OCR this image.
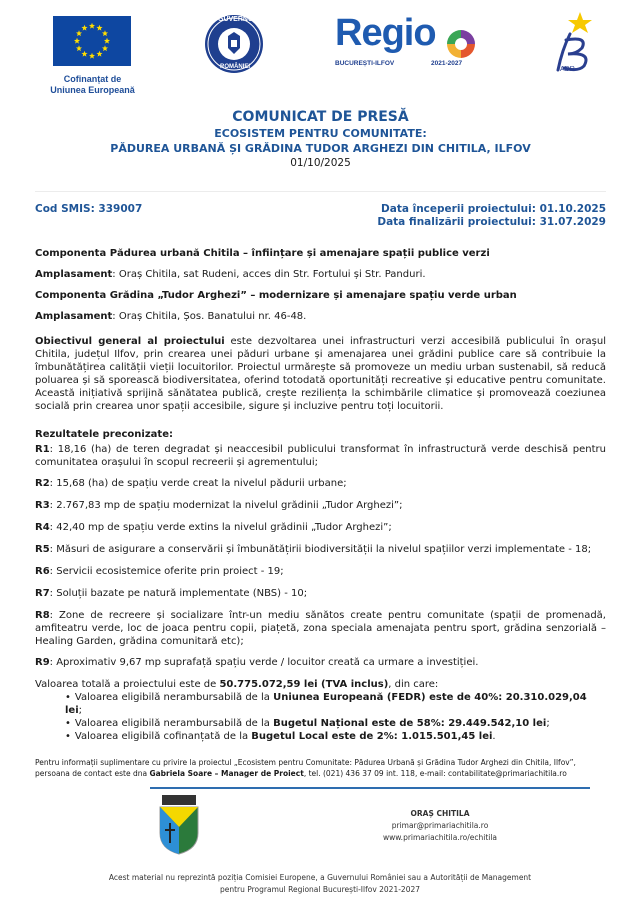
Cofinanțat de
Uniunea Europeană
GUVERNUL
ROMÂNIEI
Regio
BUCUREȘTI-ILFOV	2021-2027
ADR
COMUNICAT DE PRESĂ
ECOSISTEM PENTRU COMUNITATE:
PĂDUREA URBANĂ ȘI GRĂDINA TUDOR ARGHEZI DIN CHITILA, ILFOV
01/10/2025
Cod SMIS: 339007	Data începerii proiectului: 01.10.2025
Data finalizării proiectului: 31.07.2029
Componenta Pădurea urbană Chitila – înființare și amenajare spații publice verzi
Amplasament: Oraș Chitila, sat Rudeni, acces din Str. Fortului și Str. Panduri.
Componenta Grădina „Tudor Arghezi” – modernizare și amenajare spațiu verde urban
Amplasament: Oraș Chitila, Șos. Banatului nr. 46-48.
Obiectivul general al proiectului este dezvoltarea unei infrastructuri verzi accesibilă publicului în orașul Chitila, județul Ilfov, prin crearea unei păduri urbane și amenajarea unei grădini publice care să contribuie la îmbunătățirea calității vieții locuitorilor. Proiectul urmărește să promoveze un mediu urban sustenabil, să reducă poluarea și să sporească biodiversitatea, oferind totodată oportunități recreative și educative pentru comunitate. Această inițiativă sprijină sănătatea publică, crește reziliența la schimbările climatice și promovează coeziunea socială prin crearea unor spații accesibile, sigure și incluzive pentru toți locuitorii.
Rezultatele preconizate:
R1: 18,16 (ha) de teren degradat și neaccesibil publicului transformat în infrastructură verde deschisă pentru comunitatea orașului în scopul recreerii și agrementului;
R2: 15,68 (ha) de spațiu verde creat la nivelul pădurii urbane;
R3: 2.767,83 mp de spațiu modernizat la nivelul grădinii „Tudor Arghezi”;
R4: 42,40 mp de spațiu verde extins la nivelul grădinii „Tudor Arghezi”;
R5: Măsuri de asigurare a conservării și îmbunătățirii biodiversității la nivelul spațiilor verzi implementate - 18;
R6: Servicii ecosistemice oferite prin proiect - 19;
R7: Soluții bazate pe natură implementate (NBS) - 10;
R8: Zone de recreere și socializare într-un mediu sănătos create pentru comunitate (spații de promenadă, amfiteatru verde, loc de joaca pentru copii, piațetă, zona speciala amenajata pentru sport, grădina senzorială – Healing Garden, grădina comunitară etc);
R9: Aproximativ 9,67 mp suprafață spațiu verde / locuitor creată ca urmare a investiției.
Valoarea totală a proiectului este de 50.775.072,59 lei (TVA inclus), din care:
• Valoarea eligibilă nerambursabilă de la Uniunea Europeană (FEDR) este de 40%: 20.310.029,04 lei;
• Valoarea eligibilă nerambursabilă de la Bugetul Național este de 58%: 29.449.542,10 lei;
• Valoarea eligibilă cofinanțată de la Bugetul Local este de 2%: 1.015.501,45 lei.
Pentru informații suplimentare cu privire la proiectul „Ecosistem pentru Comunitate: Pădurea Urbană și Grădina Tudor Arghezi din Chitila, Ilfov”,
persoana de contact este dna Gabriela Soare – Manager de Proiect, tel. (021) 436 37 09 int. 118, e-mail: contabilitate@primariachitila.ro
ORAȘ CHITILA
primar@primariachitila.ro
www.primariachitila.ro/echitila
Acest material nu reprezintă poziția Comisiei Europene, a Guvernului României sau a Autorității de Management
pentru Programul Regional București-Ilfov 2021-2027
